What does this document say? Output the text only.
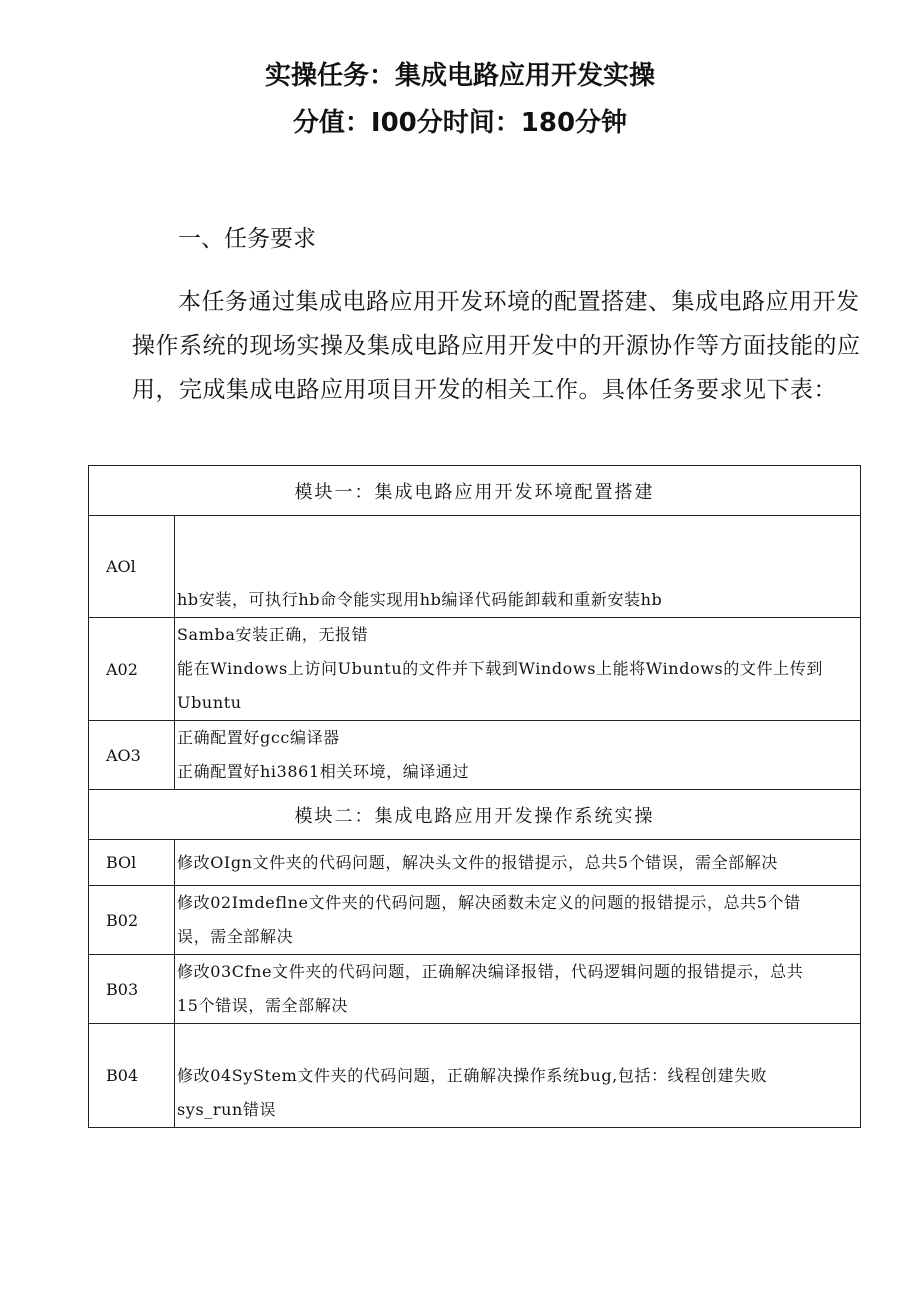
实操任务：集成电路应用开发实操
分值：I00分时间：180分钟
一、任务要求
本任务通过集成电路应用开发环境的配置搭建、集成电路应用开发操作系统的现场实操及集成电路应用开发中的开源协作等方面技能的应用，完成集成电路应用项目开发的相关工作。具体任务要求见下表：
模块一：集成电路应用开发环境配置搭建	
AOl	hb安装，可执行hb命令能实现用hb编译代码能卸载和重新安装hb

A02	Samba安装正确，无报错
能在Windows上访问Ubuntu的文件并下载到Windows上能将Windows的文件上传到
Ubuntu

AO3	正确配置好gcc编译器
正确配置好hi3861相关环境，编译通过

模块二：集成电路应用开发操作系统实操	
BOl	修改OIgn文件夹的代码问题，解决头文件的报错提示，总共5个错误，需全部解决

B02	修改02Imdeflne文件夹的代码问题，解决函数未定义的问题的报错提示，总共5个错
误，需全部解决

B03	修改03Cfne文件夹的代码问题，正确解决编译报错，代码逻辑问题的报错提示，总共
15个错误，需全部解决

B04	修改04SyStem文件夹的代码问题，正确解决操作系统bug,包括：线程创建失败
sys_run错误
